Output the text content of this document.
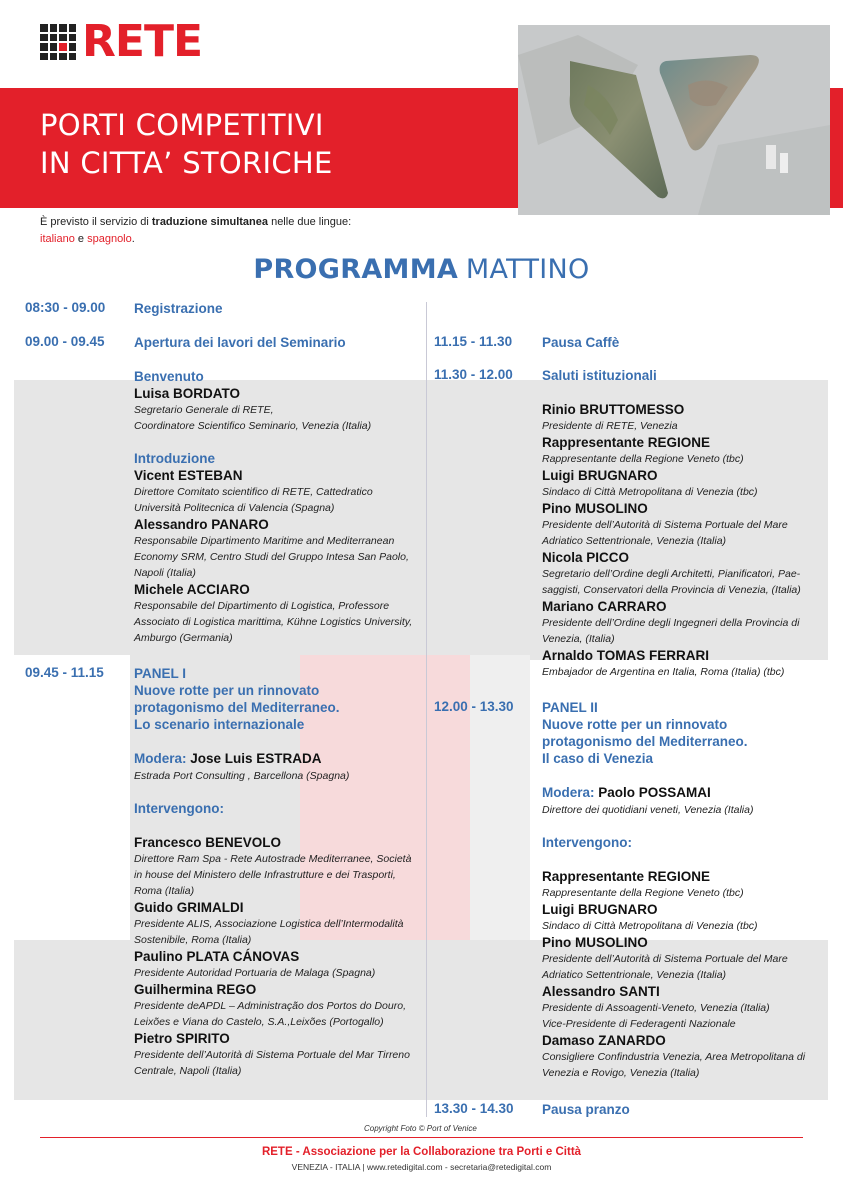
RETE
PORTI COMPETITIVI
IN CITTA’ STORICHE
È previsto il servizio di traduzione simultanea nelle due lingue:
italiano e spagnolo.
PROGRAMMA MATTINO
08:30 - 09.00 Registrazione
09.00 - 09.45 Apertura dei lavori del Seminario
Benvenuto
Luisa BORDATO
Segretario Generale di RETE,
Coordinatore Scientifico Seminario, Venezia (Italia)
Introduzione
Vicent ESTEBAN
Direttore Comitato scientifico di RETE, Cattedratico
Università Politecnica di Valencia (Spagna)
Alessandro PANARO
Responsabile Dipartimento Maritime and Mediterranean
Economy SRM, Centro Studi del Gruppo Intesa San Paolo,
Napoli (Italia)
Michele ACCIARO
Responsabile del Dipartimento di Logistica, Professore
Associato di Logistica marittima, Kühne Logistics University,
Amburgo (Germania)
09.45 - 11.15 PANEL I
Nuove rotte per un rinnovato
protagonismo del Mediterraneo.
Lo scenario internazionale
Modera: Jose Luis ESTRADA
Estrada Port Consulting , Barcellona (Spagna)
Intervengono:
Francesco BENEVOLO
Direttore Ram Spa - Rete Autostrade Mediterranee, Società
in house del Ministero delle Infrastrutture e dei Trasporti,
Roma (Italia)
Guido GRIMALDI
Presidente ALIS, Associazione Logistica dell’Intermodalità
Sostenibile, Roma (Italia)
Paulino PLATA CÁNOVAS
Presidente Autoridad Portuaria de Malaga (Spagna)
Guilhermina REGO
Presidente deAPDL – Administração dos Portos do Douro,
Leixões e Viana do Castelo, S.A.,Leixões (Portogallo)
Pietro SPIRITO
Presidente dell’Autorità di Sistema Portuale del Mar Tirreno
Centrale, Napoli (Italia)
11.15 - 11.30 Pausa Caffè
11.30 - 12.00 Saluti istituzionali
Rinio BRUTTOMESSO
Presidente di RETE, Venezia
Rappresentante REGIONE
Rappresentante della Regione Veneto (tbc)
Luigi BRUGNARO
Sindaco di Città Metropolitana di Venezia (tbc)
Pino MUSOLINO
Presidente dell’Autorità di Sistema Portuale del Mare
Adriatico Settentrionale, Venezia (Italia)
Nicola PICCO
Segretario dell’Ordine degli Architetti, Pianificatori, Pae-
saggisti, Conservatori della Provincia di Venezia, (Italia)
Mariano CARRARO
Presidente dell’Ordine degli Ingegneri della Provincia di
Venezia, (Italia)
Arnaldo TOMAS FERRARI
Embajador de Argentina en Italia, Roma (Italia) (tbc)
12.00 - 13.30 PANEL II
Nuove rotte per un rinnovato
protagonismo del Mediterraneo.
Il caso di Venezia
Modera: Paolo POSSAMAI
Direttore dei quotidiani veneti, Venezia (Italia)
Intervengono:
Rappresentante REGIONE
Rappresentante della Regione Veneto (tbc)
Luigi BRUGNARO
Sindaco di Città Metropolitana di Venezia (tbc)
Pino MUSOLINO
Presidente dell’Autorità di Sistema Portuale del Mare
Adriatico Settentrionale, Venezia (Italia)
Alessandro SANTI
Presidente di Assoagenti-Veneto, Venezia (Italia)
Vice-Presidente di Federagenti Nazionale
Damaso ZANARDO
Consigliere Confindustria Venezia, Area Metropolitana di
Venezia e Rovigo, Venezia (Italia)
13.30 - 14.30 Pausa pranzo
Copyright Foto © Port of Venice
RETE - Associazione per la Collaborazione tra Porti e Città
VENEZIA - ITALIA | www.retedigital.com - secretaria@retedigital.com
